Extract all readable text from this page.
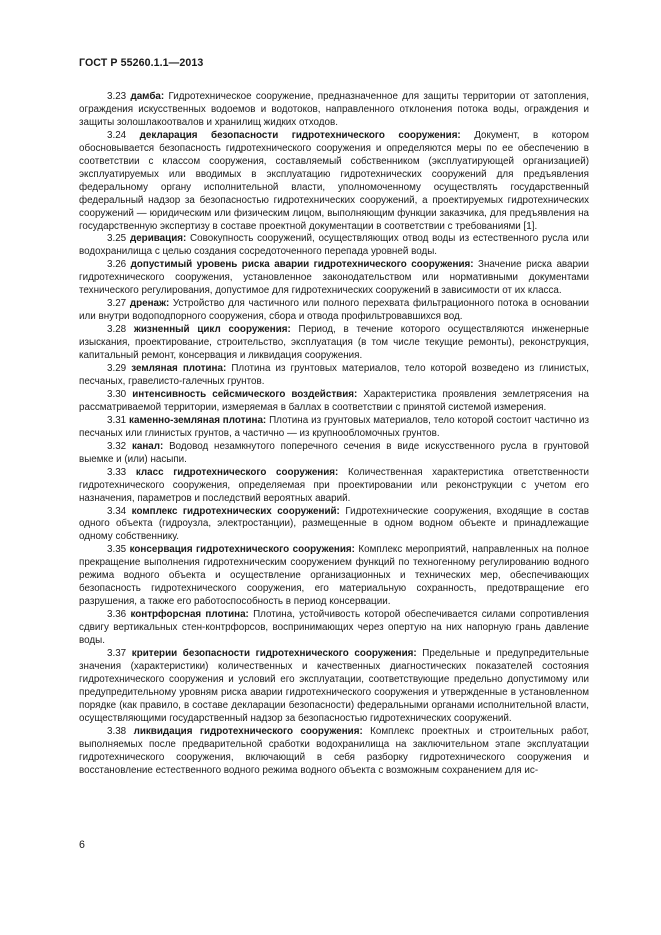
ГОСТ Р 55260.1.1—2013

3.23 дамба: Гидротехническое сооружение, предназначенное для защиты территории от затопления, ограждения искусственных водоемов и водотоков, направленного отклонения потока воды, ограждения и защиты золошлакоотвалов и хранилищ жидких отходов.

3.24 декларация безопасности гидротехнического сооружения: Документ, в котором обосновывается безопасность гидротехнического сооружения и определяются меры по ее обеспечению в соответствии с классом сооружения, составляемый собственником (эксплуатирующей организацией) эксплуатируемых или вводимых в эксплуатацию гидротехнических сооружений для предъявления федеральному органу исполнительной власти, уполномоченному осуществлять государственный федеральный надзор за безопасностью гидротехнических сооружений, а проектируемых гидротехнических сооружений — юридическим или физическим лицом, выполняющим функции заказчика, для предъявления на государственную экспертизу в составе проектной документации в соответствии с требованиями [1].

3.25 деривация: Совокупность сооружений, осуществляющих отвод воды из естественного русла или водохранилища с целью создания сосредоточенного перепада уровней воды.

3.26 допустимый уровень риска аварии гидротехнического сооружения: Значение риска аварии гидротехнического сооружения, установленное законодательством или нормативными документами технического регулирования, допустимое для гидротехнических сооружений в зависимости от их класса.

3.27 дренаж: Устройство для частичного или полного перехвата фильтрационного потока в основании или внутри водоподпорного сооружения, сбора и отвода профильтровавшихся вод.

3.28 жизненный цикл сооружения: Период, в течение которого осуществляются инженерные изыскания, проектирование, строительство, эксплуатация (в том числе текущие ремонты), реконструкция, капитальный ремонт, консервация и ликвидация сооружения.

3.29 земляная плотина: Плотина из грунтовых материалов, тело которой возведено из глинистых, песчаных, гравелисто-галечных грунтов.

3.30 интенсивность сейсмического воздействия: Характеристика проявления землетрясения на рассматриваемой территории, измеряемая в баллах в соответствии с принятой системой измерения.

3.31 каменно-земляная плотина: Плотина из грунтовых материалов, тело которой состоит частично из песчаных или глинистых грунтов, а частично — из крупнообломочных грунтов.

3.32 канал: Водовод незамкнутого поперечного сечения в виде искусственного русла в грунтовой выемке и (или) насыпи.

3.33 класс гидротехнического сооружения: Количественная характеристика ответственности гидротехнического сооружения, определяемая при проектировании или реконструкции с учетом его назначения, параметров и последствий вероятных аварий.

3.34 комплекс гидротехнических сооружений: Гидротехнические сооружения, входящие в состав одного объекта (гидроузла, электростанции), размещенные в одном водном объекте и принадлежащие одному собственнику.

3.35 консервация гидротехнического сооружения: Комплекс мероприятий, направленных на полное прекращение выполнения гидротехническим сооружением функций по техногенному регулированию водного режима водного объекта и осуществление организационных и технических мер, обеспечивающих безопасность гидротехнического сооружения, его материальную сохранность, предотвращение его разрушения, а также его работоспособность в период консервации.

3.36 контрфорсная плотина: Плотина, устойчивость которой обеспечивается силами сопротивления сдвигу вертикальных стен-контрфорсов, воспринимающих через опертую на них напорную грань давление воды.

3.37 критерии безопасности гидротехнического сооружения: Предельные и предупредительные значения (характеристики) количественных и качественных диагностических показателей состояния гидротехнического сооружения и условий его эксплуатации, соответствующие предельно допустимому или предупредительному уровням риска аварии гидротехнического сооружения и утвержденные в установленном порядке (как правило, в составе декларации безопасности) федеральными органами исполнительной власти, осуществляющими государственный надзор за безопасностью гидротехнических сооружений.

3.38 ликвидация гидротехнического сооружения: Комплекс проектных и строительных работ, выполняемых после предварительной сработки водохранилища на заключительном этапе эксплуатации гидротехнического сооружения, включающий в себя разборку гидротехнического сооружения и восстановление естественного водного режима водного объекта с возможным сохранением для ис-

6
